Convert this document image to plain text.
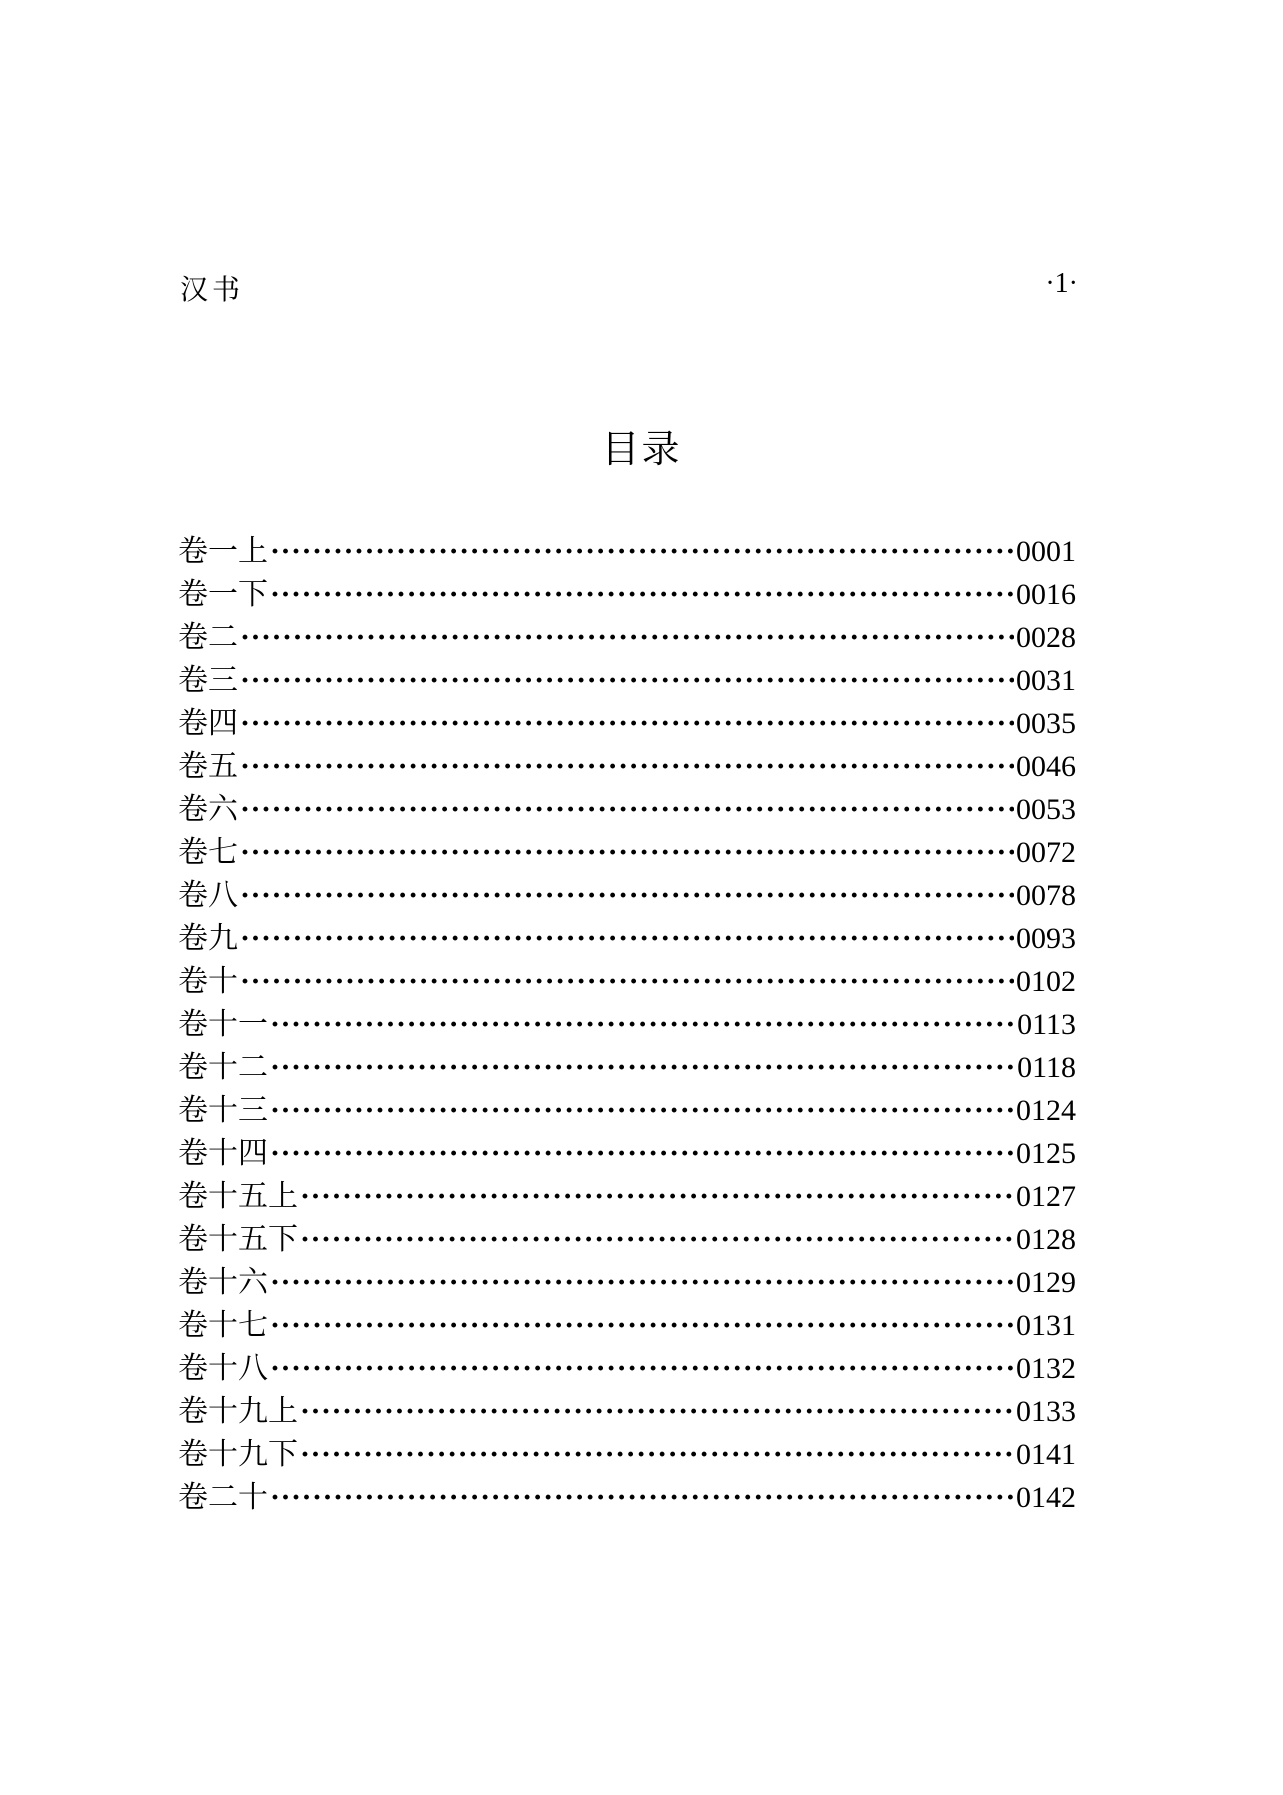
汉书	·1·
目录
卷一上 ·····	0001
卷一下 ·····	0016
卷二 ·····	0028
卷三 ·····	0031
卷四 ·····	0035
卷五 ·····	0046
卷六 ·····	0053
卷七 ·····	0072
卷八 ·····	0078
卷九 ·····	0093
卷十 ·····	0102
卷十一 ·····	0113
卷十二 ·····	0118
卷十三 ·····	0124
卷十四 ·····	0125
卷十五上 ·····	0127
卷十五下 ·····	0128
卷十六 ·····	0129
卷十七 ·····	0131
卷十八 ·····	0132
卷十九上 ·····	0133
卷十九下 ·····	0141
卷二十 ·····	0142
